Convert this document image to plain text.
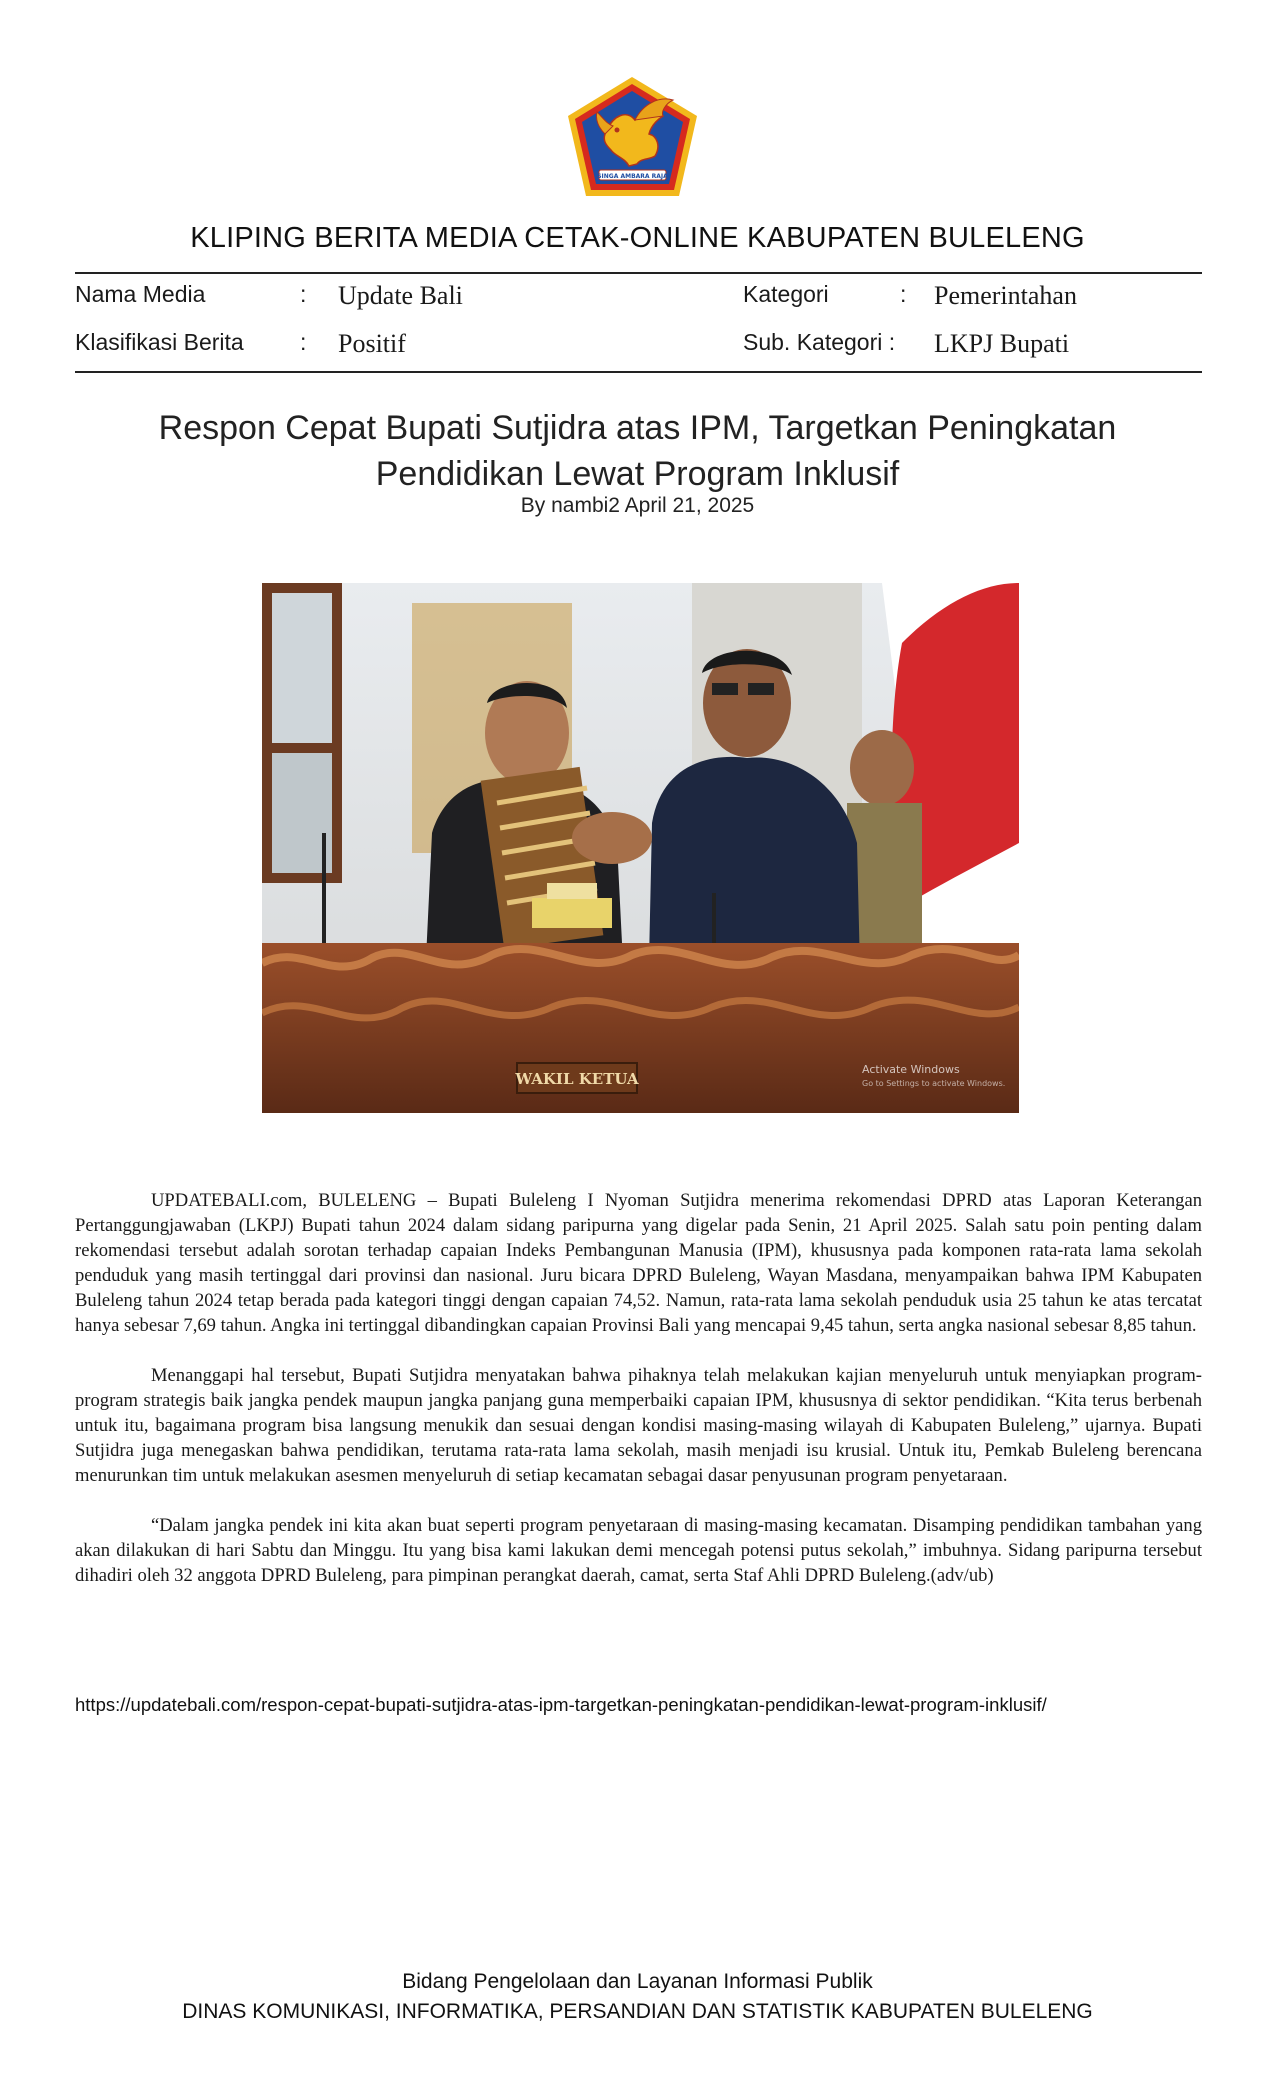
SINGA AMBARA RAJA
KLIPING BERITA MEDIA CETAK-ONLINE KABUPATEN BULELENG
Nama Media	: Update Bali	Kategori	: Pemerintahan
Klasifikasi Berita : Positif	Sub. Kategori : LKPJ Bupati
Respon Cepat Bupati Sutjidra atas IPM, Targetkan Peningkatan Pendidikan Lewat Program Inklusif
By nambi2 April 21, 2025
WAKIL KETUA
Activate Windows
Go to Settings to activate Windows.

UPDATEBALI.com, BULELENG – Bupati Buleleng I Nyoman Sutjidra menerima rekomendasi DPRD atas Laporan Keterangan Pertanggungjawaban (LKPJ) Bupati tahun 2024 dalam sidang paripurna yang digelar pada Senin, 21 April 2025. Salah satu poin penting dalam rekomendasi tersebut adalah sorotan terhadap capaian Indeks Pembangunan Manusia (IPM), khususnya pada komponen rata-rata lama sekolah penduduk yang masih tertinggal dari provinsi dan nasional. Juru bicara DPRD Buleleng, Wayan Masdana, menyampaikan bahwa IPM Kabupaten Buleleng tahun 2024 tetap berada pada kategori tinggi dengan capaian 74,52. Namun, rata-rata lama sekolah penduduk usia 25 tahun ke atas tercatat hanya sebesar 7,69 tahun. Angka ini tertinggal dibandingkan capaian Provinsi Bali yang mencapai 9,45 tahun, serta angka nasional sebesar 8,85 tahun.

Menanggapi hal tersebut, Bupati Sutjidra menyatakan bahwa pihaknya telah melakukan kajian menyeluruh untuk menyiapkan program-program strategis baik jangka pendek maupun jangka panjang guna memperbaiki capaian IPM, khususnya di sektor pendidikan. “Kita terus berbenah untuk itu, bagaimana program bisa langsung menukik dan sesuai dengan kondisi masing-masing wilayah di Kabupaten Buleleng,” ujarnya. Bupati Sutjidra juga menegaskan bahwa pendidikan, terutama rata-rata lama sekolah, masih menjadi isu krusial. Untuk itu, Pemkab Buleleng berencana menurunkan tim untuk melakukan asesmen menyeluruh di setiap kecamatan sebagai dasar penyusunan program penyetaraan.

“Dalam jangka pendek ini kita akan buat seperti program penyetaraan di masing-masing kecamatan. Disamping pendidikan tambahan yang akan dilakukan di hari Sabtu dan Minggu. Itu yang bisa kami lakukan demi mencegah potensi putus sekolah,” imbuhnya. Sidang paripurna tersebut dihadiri oleh 32 anggota DPRD Buleleng, para pimpinan perangkat daerah, camat, serta Staf Ahli DPRD Buleleng.(adv/ub)

https://updatebali.com/respon-cepat-bupati-sutjidra-atas-ipm-targetkan-peningkatan-pendidikan-lewat-program-inklusif/
Bidang Pengelolaan dan Layanan Informasi Publik
DINAS KOMUNIKASI, INFORMATIKA, PERSANDIAN DAN STATISTIK KABUPATEN BULELENG
